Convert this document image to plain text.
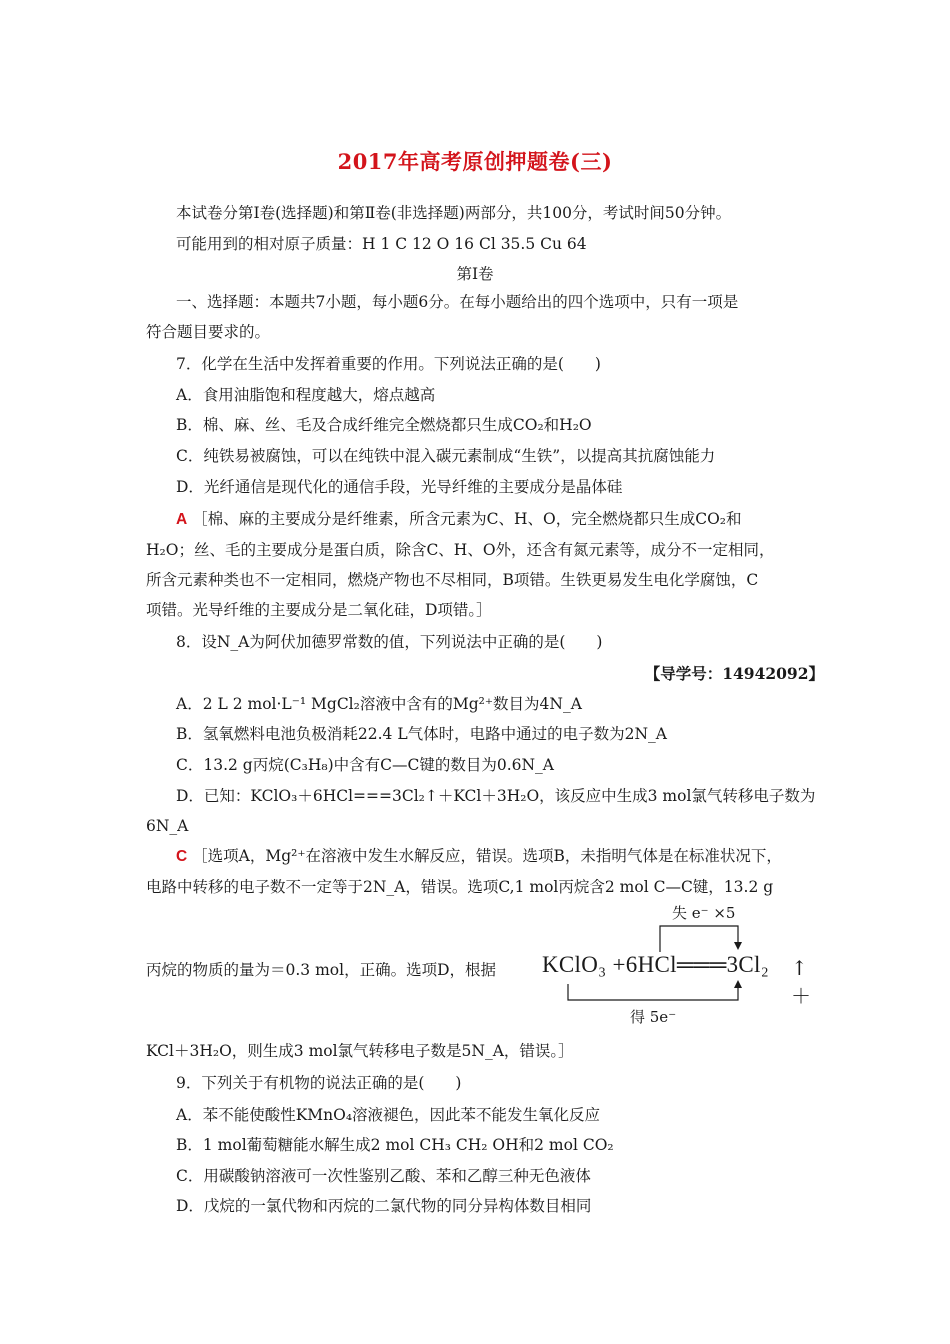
2017年高考原创押题卷(三)
本试卷分第Ⅰ卷(选择题)和第Ⅱ卷(非选择题)两部分，共100分，考试时间50分钟。
可能用到的相对原子质量：H 1 C 12 O 16 Cl 35.5 Cu 64
第Ⅰ卷
一、选择题：本题共7小题，每小题6分。在每小题给出的四个选项中，只有一项是
符合题目要求的。
7．化学在生活中发挥着重要的作用。下列说法正确的是(　　)
A．食用油脂饱和程度越大，熔点越高
B．棉、麻、丝、毛及合成纤维完全燃烧都只生成CO₂和H₂O
C．纯铁易被腐蚀，可以在纯铁中混入碳元素制成“生铁”，以提高其抗腐蚀能力
D．光纤通信是现代化的通信手段，光导纤维的主要成分是晶体硅
A ［棉、麻的主要成分是纤维素，所含元素为C、H、O，完全燃烧都只生成CO₂和
H₂O；丝、毛的主要成分是蛋白质，除含C、H、O外，还含有氮元素等，成分不一定相同，
所含元素种类也不一定相同，燃烧产物也不尽相同，B项错。生铁更易发生电化学腐蚀，C
项错。光导纤维的主要成分是二氧化硅，D项错。］
8．设N_A为阿伏加德罗常数的值，下列说法中正确的是(　　)
【导学号：14942092】
A．2 L 2 mol·L⁻¹ MgCl₂溶液中含有的Mg²⁺数目为4N_A
B．氢氧燃料电池负极消耗22.4 L气体时，电路中通过的电子数为2N_A
C．13.2 g丙烷(C₃H₈)中含有C—C键的数目为0.6N_A
D．已知：KClO₃＋6HCl===3Cl₂↑＋KCl＋3H₂O，该反应中生成3 mol氯气转移电子数为
6N_A
C ［选项A，Mg²⁺在溶液中发生水解反应，错误。选项B，未指明气体是在标准状况下，
电路中转移的电子数不一定等于2N_A，错误。选项C,1 mol丙烷含2 mol C—C键，13.2 g
丙烷的物质的量为＝0.3 mol，正确。选项D，根据
失 e⁻ ×5
KClO₃ +6HCl═══3Cl₂ ↑ ＋
得 5e⁻
KCl＋3H₂O，则生成3 mol氯气转移电子数是5N_A，错误。］
9．下列关于有机物的说法正确的是(　　)
A．苯不能使酸性KMnO₄溶液褪色，因此苯不能发生氧化反应
B．1 mol葡萄糖能水解生成2 mol CH₃ CH₂ OH和2 mol CO₂
C．用碳酸钠溶液可一次性鉴别乙酸、苯和乙醇三种无色液体
D．戊烷的一氯代物和丙烷的二氯代物的同分异构体数目相同
